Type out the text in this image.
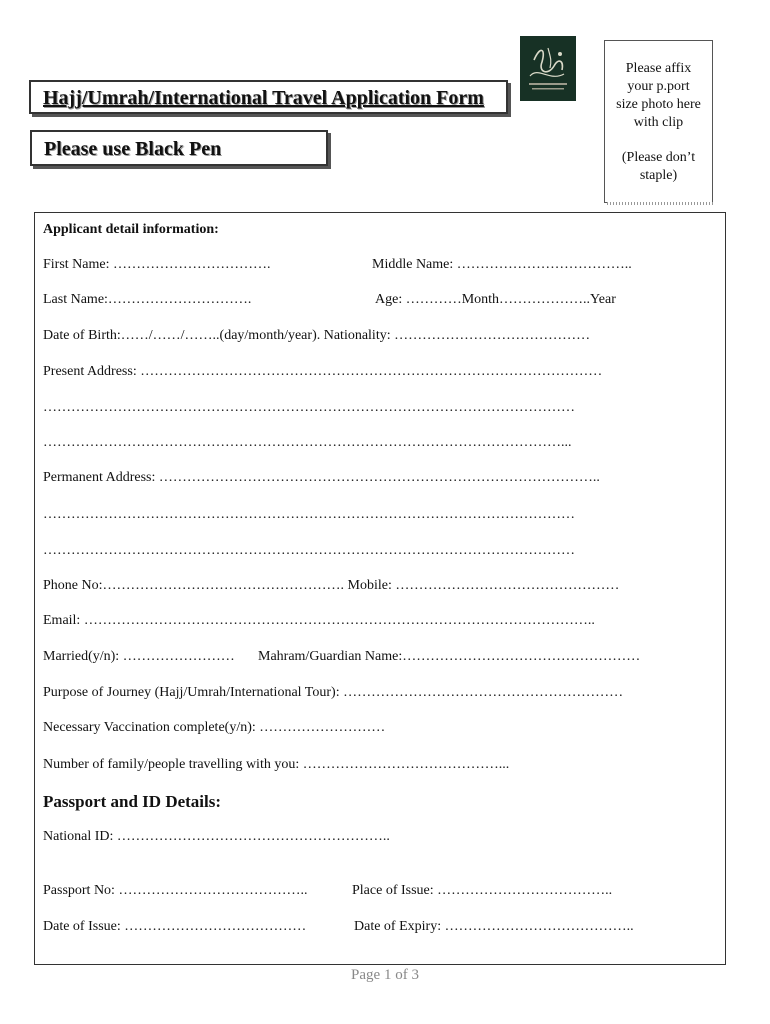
Hajj/Umrah/International Travel Application Form
Please use Black Pen
Please affix
your p.port
size photo here
with clip
(Please don’t
staple)
Applicant detail information:
First Name: …………………………….	Middle Name: ………………………………..
Last Name:………………………….	Age: …………Month………………..Year
Date of Birth:……/……/……..(day/month/year). Nationality: ……………………………………
Present Address: ………………………………………………………………………………………
……………………………………………………………………………………………………
…………………………………………………………………………………………………...
Permanent Address: …………………………………………………………………………………..
……………………………………………………………………………………………………
……………………………………………………………………………………………………
Phone No:……………………………………………. Mobile: …………………………………………
Email: ………………………………………………………………………………………………..
Married(y/n): …………………… Mahram/Guardian Name:……………………………………………
Purpose of Journey (Hajj/Umrah/International Tour): ……………………………………………………
Necessary Vaccination complete(y/n): ………………………
Number of family/people travelling with you: ……………………………………...
Passport and ID Details:
National ID: …………………………………………………..
Passport No: …………………………………..	Place of Issue: ………………………………..
Date of Issue: …………………………………	Date of Expiry: …………………………………..
Page 1 of 3
